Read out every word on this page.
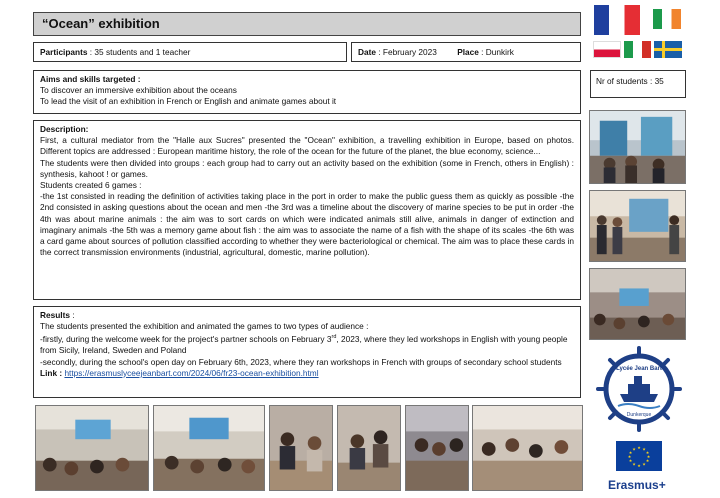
“Ocean” exhibition
Participants : 35 students and 1 teacher	Date : February 2023 Place : Dunkirk
Aims and skills targeted :
To discover an immersive exhibition about the oceans
To lead the visit of an exhibition in French or English and animate games about it
Nr of students : 35
Description:
First, a cultural mediator from the "Halle aux Sucres" presented the "Ocean" exhibition, a travelling exhibition in Europe, based on photos. Different topics are addressed : European maritime history, the role of the ocean for the future of the planet, the blue economy, science...
The students were then divided into groups : each group had to carry out an activity based on the exhibition (some in French, others in English) : synthesis, kahoot ! or games.
Students created 6 games :
-the 1st consisted in reading the definition of activities taking place in the port in order to make the public guess them as quickly as possible -the 2nd consisted in asking questions about the ocean and men -the 3rd was a timeline about the discovery of marine species to be put in order -the 4th was about marine animals : the aim was to sort cards on which were indicated animals still alive, animals in danger of extinction and imaginary animals -the 5th was a memory game about fish : the aim was to associate the name of a fish with the shape of its scales -the 6th was a card game about sources of pollution classified according to whether they were bacteriological or chemical. The aim was to place these cards in the correct transmission environments (industrial, agricultural, domestic, marine pollution).
Results :
The students presented the exhibition and animated the games to two types of audience :
-firstly, during the welcome week for the project's partner schools on February 3rd, 2023, where they led workshops in English with young people from Sicily, Ireland, Sweden and Poland
-secondly, during the school's open day on February 6th, 2023, where they ran workshops in French with groups of secondary school students
Link : https://erasmuslyceejeanbart.com/2024/06/fr23-ocean-exhibition.html	Lycée Jean Bart
Dunkerque
★ ★
★
★
★
★
★
★
★
★
★
★
Erasmus+
